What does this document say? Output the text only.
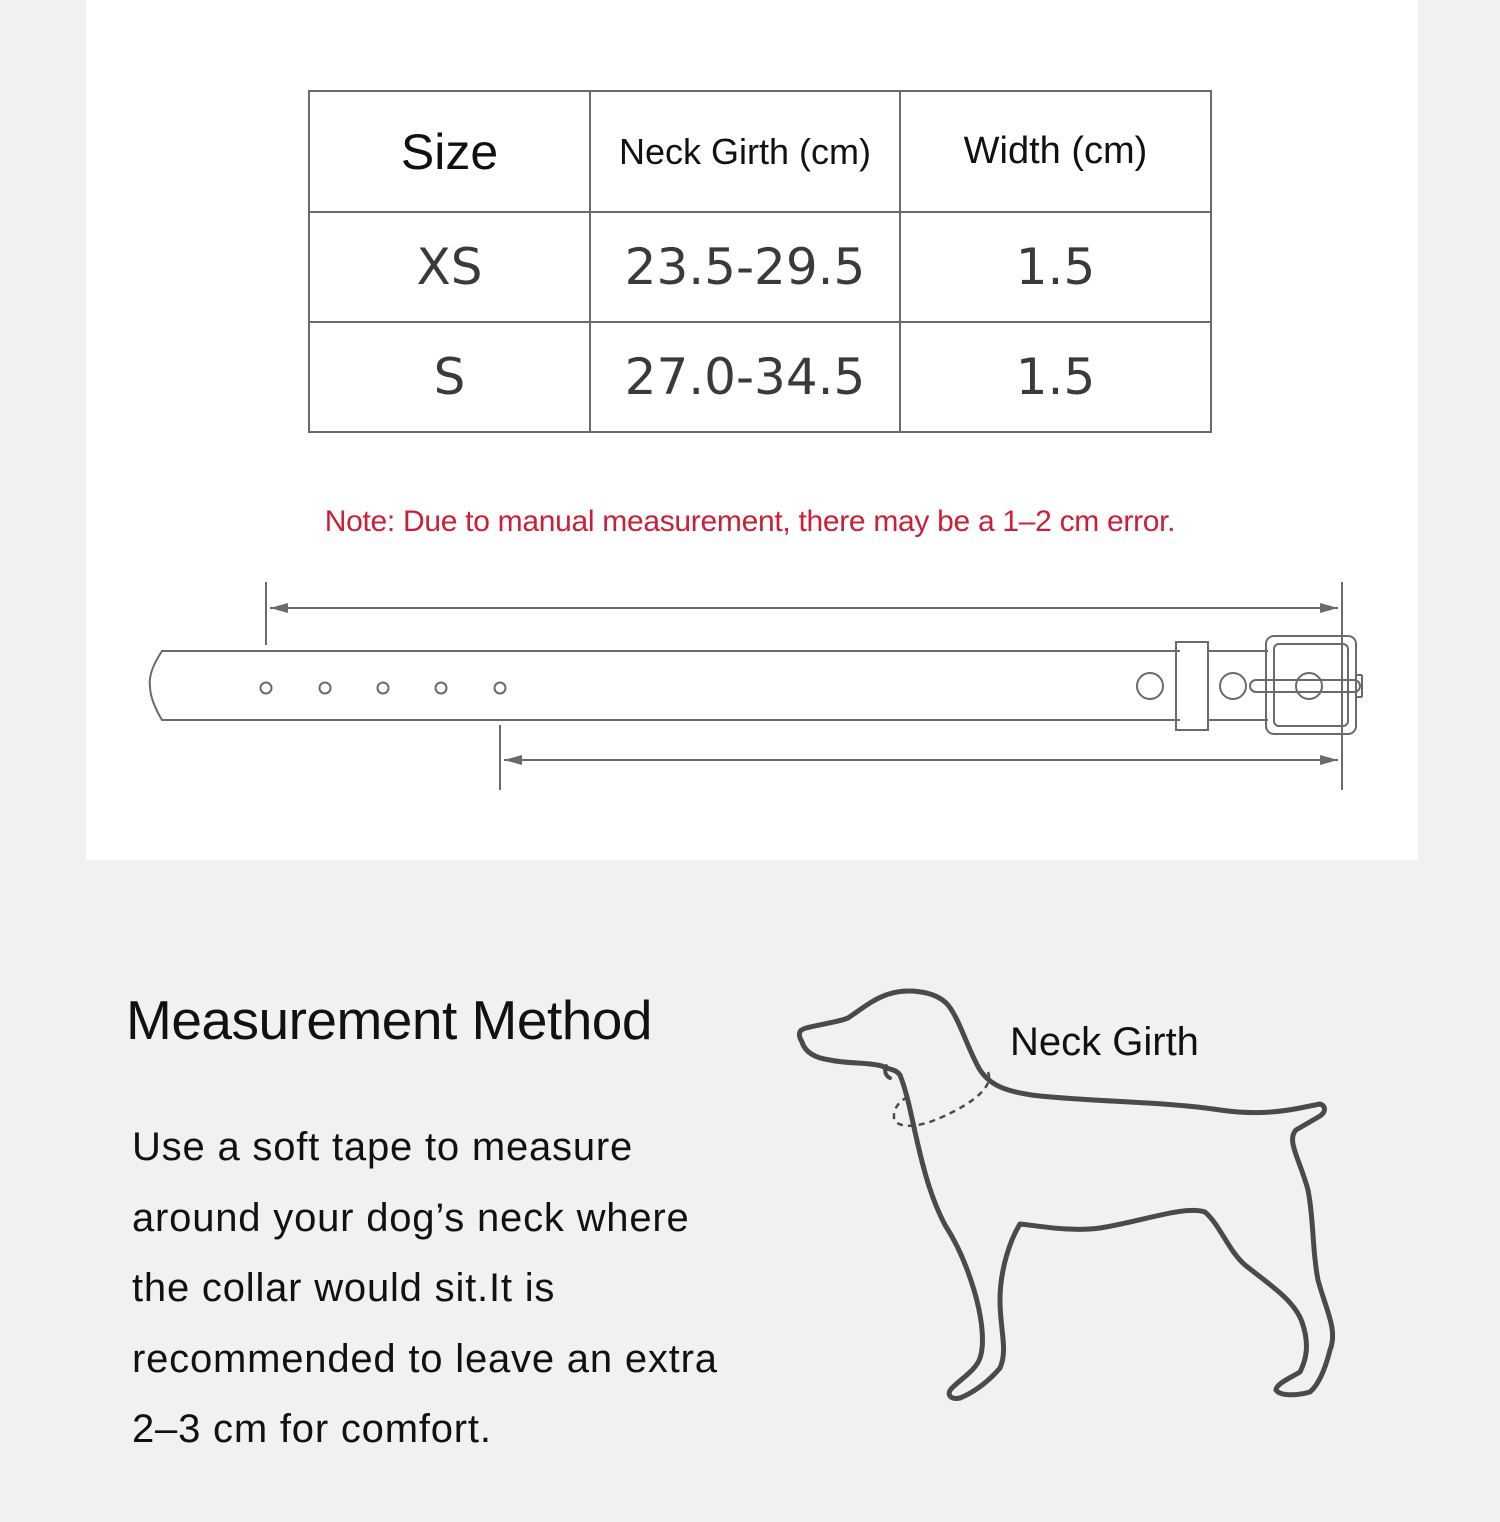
Size	Neck Girth (cm)	Width (cm)
XS	23.5-29.5	1.5
S	27.0-34.5	1.5
Note: Due to manual measurement, there may be a 1–2 cm error.
Measurement Method
Use a soft tape to measure
around your dog’s neck where
the collar would sit.It is
recommended to leave an extra
2–3 cm for comfort.
Neck Girth
